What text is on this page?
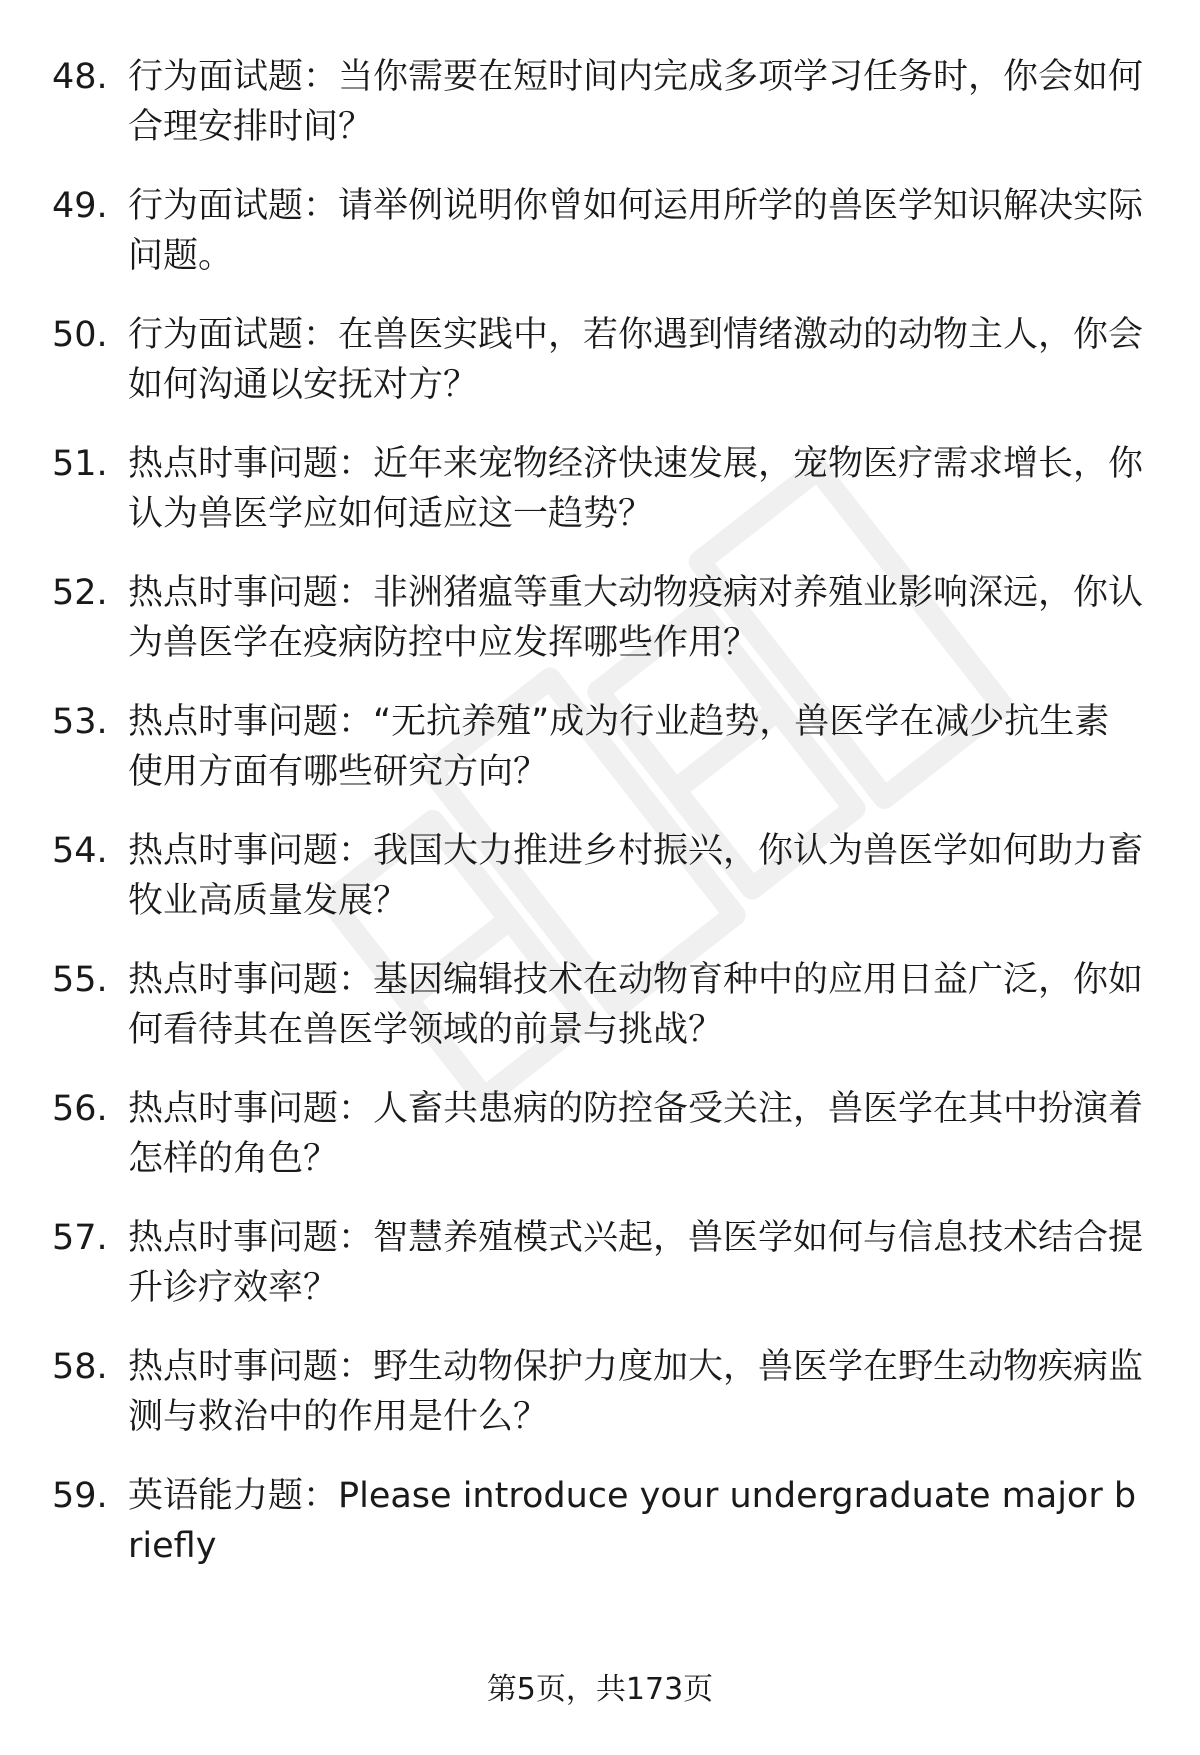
48. 行为面试题：当你需要在短时间内完成多项学习任务时，你会如何合理安排时间？
49. 行为面试题：请举例说明你曾如何运用所学的兽医学知识解决实际问题。
50. 行为面试题：在兽医实践中，若你遇到情绪激动的动物主人，你会如何沟通以安抚对方？
51. 热点时事问题：近年来宠物经济快速发展，宠物医疗需求增长，你认为兽医学应如何适应这一趋势？
52. 热点时事问题：非洲猪瘟等重大动物疫病对养殖业影响深远，你认为兽医学在疫病防控中应发挥哪些作用？
53. 热点时事问题：“无抗养殖”成为行业趋势，兽医学在减少抗生素使用方面有哪些研究方向？
54. 热点时事问题：我国大力推进乡村振兴，你认为兽医学如何助力畜牧业高质量发展？
55. 热点时事问题：基因编辑技术在动物育种中的应用日益广泛，你如何看待其在兽医学领域的前景与挑战？
56. 热点时事问题：人畜共患病的防控备受关注，兽医学在其中扮演着怎样的角色？
57. 热点时事问题：智慧养殖模式兴起，兽医学如何与信息技术结合提升诊疗效率？
58. 热点时事问题：野生动物保护力度加大，兽医学在野生动物疾病监测与救治中的作用是什么？
59. 英语能力题：Please introduce your undergraduate major briefly
第5页，共173页
